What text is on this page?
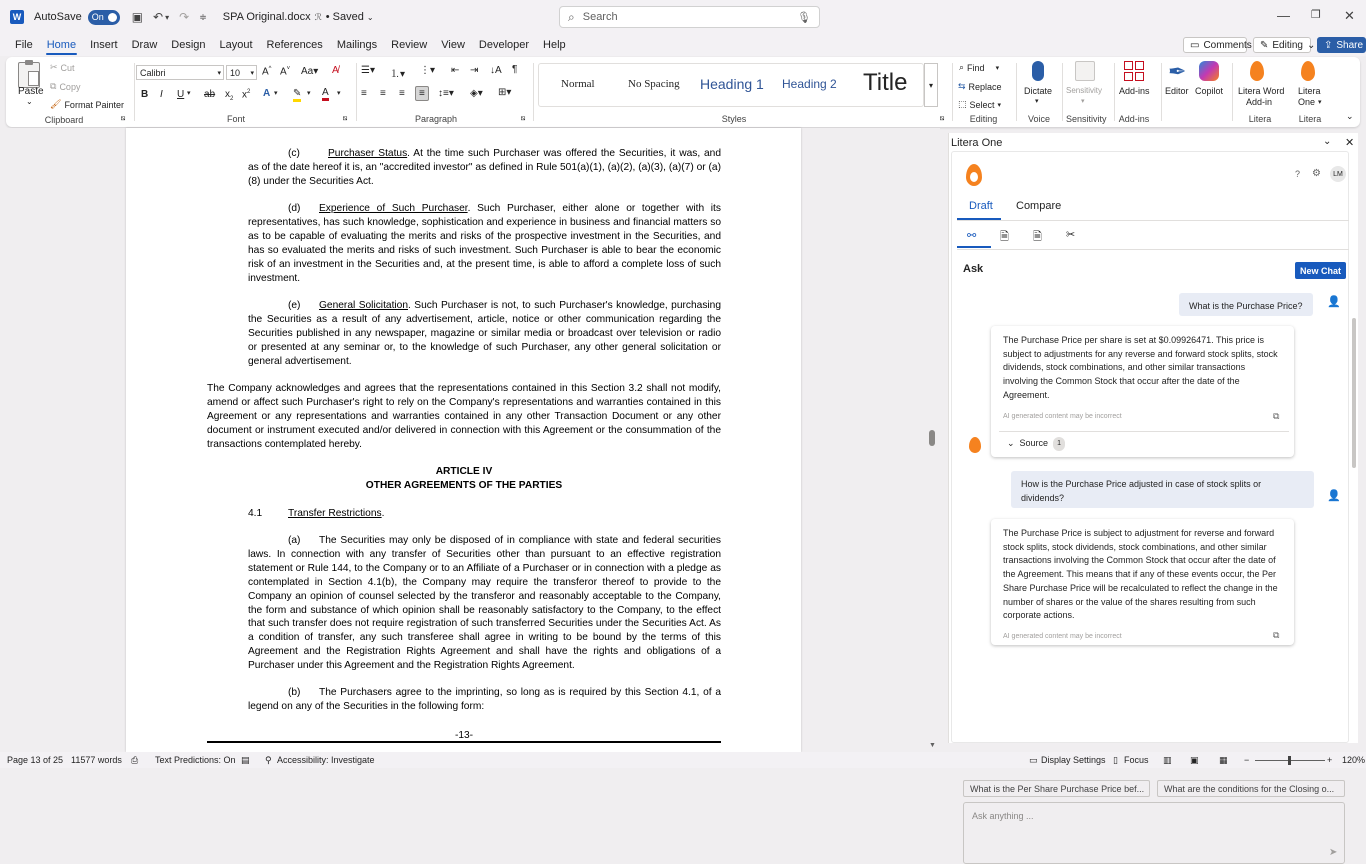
W AutoSave On ▣ ↶ ▾ ↷ ≑ SPA Original.docx ℛ • Saved ⌄	⌕ Search	🎙	— ❐ ✕
File	Home	Insert	Draw	Design	Layout	References	Mailings	Review	View	Developer	Help	▭ Comments ✎ Editing ⌄ ⇪ Share
Paste
⌄
✂ Cut
⧉ Copy
🖌 Format Painter
Clipboard	⧅
Calibri	▾ 10 ▾ A^ A˅ Aa▾ A̸
B I U ▾ ab $x_2$ $x^2$ A ▾ ✎ ▾ A ▾
Font	⧅
☰▾ ⒈▾ ⋮▾ ⇤ ⇥ ↓A ¶
≡ ≡ ≡	≡	↕≡▾ ◈▾ ⊞▾
Paragraph	⧅
Normal	No Spacing Heading 1 Heading 2 Title	▾
Styles	⧅
⌕ Find ▾
⇆ Replace
⬚ Select ▾
Editing
Dictate
▾
Voice
Sensitivity
▾
Sensitivity
Add-ins
Add-ins
✒
Editor Copilot Litera Word
Add-in
Litera
One ▾
Litera	Litera	⌄
(c)	Purchaser Status. At the time such Purchaser was offered the Securities, it was, and as of the date hereof it is, an "accredited investor" as defined in Rule 501(a)(1), (a)(2), (a)(3), (a)(7) or (a)(8) under the Securities Act.
(d) Experience of Such Purchaser. Such Purchaser, either alone or together with its representatives, has such knowledge, sophistication and experience in business and financial matters so as to be capable of evaluating the merits and risks of the prospective investment in the Securities, and has so evaluated the merits and risks of such investment. Such Purchaser is able to bear the economic risk of an investment in the Securities and, at the present time, is able to afford a complete loss of such investment.
(e) General Solicitation. Such Purchaser is not, to such Purchaser's knowledge, purchasing the Securities as a result of any advertisement, article, notice or other communication regarding the Securities published in any newspaper, magazine or similar media or broadcast over television or radio or presented at any seminar or, to the knowledge of such Purchaser, any other general solicitation or general advertisement.
The Company acknowledges and agrees that the representations contained in this Section 3.2 shall not modify, amend or affect such Purchaser's right to rely on the Company's representations and warranties contained in this Agreement or any representations and warranties contained in any other Transaction Document or any other document or instrument executed and/or delivered in connection with this Agreement or the consummation of the transactions contemplated hereby.
ARTICLE IV
OTHER AGREEMENTS OF THE PARTIES
4.1	Transfer Restrictions.
(a) The Securities may only be disposed of in compliance with state and federal securities laws. In connection with any transfer of Securities other than pursuant to an effective registration statement or Rule 144, to the Company or to an Affiliate of a Purchaser or in connection with a pledge as contemplated in Section 4.1(b), the Company may require the transferor thereof to provide to the Company an opinion of counsel selected by the transferor and reasonably acceptable to the Company, the form and substance of which opinion shall be reasonably satisfactory to the Company, to the effect that such transfer does not require registration of such transferred Securities under the Securities Act. As a condition of transfer, any such transferee shall agree in writing to be bound by the terms of this Agreement and the Registration Rights Agreement and shall have the rights and obligations of a Purchaser under this Agreement and the Registration Rights Agreement.
(b) The Purchasers agree to the imprinting, so long as is required by this Section 4.1, of a legend on any of the Securities in the following form:
-13-
Litera One	⌄ ✕
? ⚙	LM
Draft Compare
⚯ 🗎 🗎 ✂
Ask	New Chat
What is the Purchase Price?	👤
The Purchase Price per share is set at $0.09926471. This price is subject to adjustments for any reverse and forward stock splits, stock dividends, stock combinations, and other similar transactions involving the Common Stock that occur after the date of the Agreement.
AI generated content may be incorrect	⧉
⌄ Source	1
How is the Purchase Price adjusted in case of stock splits or dividends?	👤
The Purchase Price is subject to adjustment for reverse and forward stock splits, stock dividends, stock combinations, and other similar transactions involving the Common Stock that occur after the date of the Agreement. This means that if any of these events occur, the Per Share Purchase Price will be recalculated to reflect the change in the number of shares or the value of the shares resulting from such corporate actions.
AI generated content may be incorrect	⧉
What is the Per Share Purchase Price bef...	What are the conditions for the Closing o...
Ask anything ...
➤
▼
Page 13 of 25 11577 words ⎙ Text Predictions: On ▤ ⚲ Accessibility: Investigate	▭ Display Settings ▯ Focus ▥ ▣ ▦ −	+ 120%
